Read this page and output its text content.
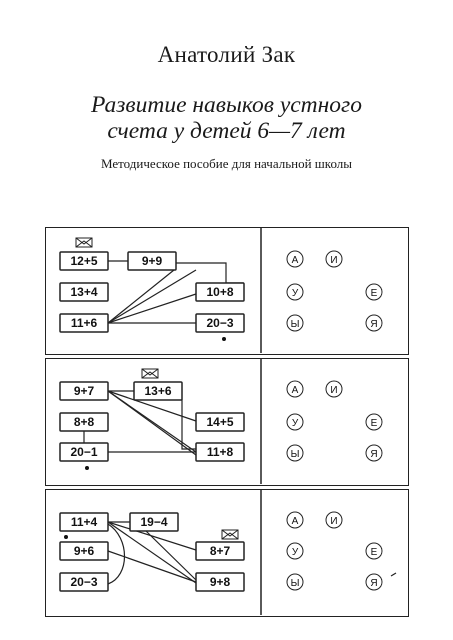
Анатолий Зак
Развитие навыков устного
счета у детей 6—7 лет
Методическое пособие для начальной школы
12+5	9+9
13+4	10+8
11+6	20−3
А	И
У	Е
Ы	Я
9+7	13+6
8+8	14+5
20−1	11+8
А	И
У	Е
Ы	Я
11+4	19−4
9+6	8+7
20−3	9+8
А	И
У	Е
Ы	Я
